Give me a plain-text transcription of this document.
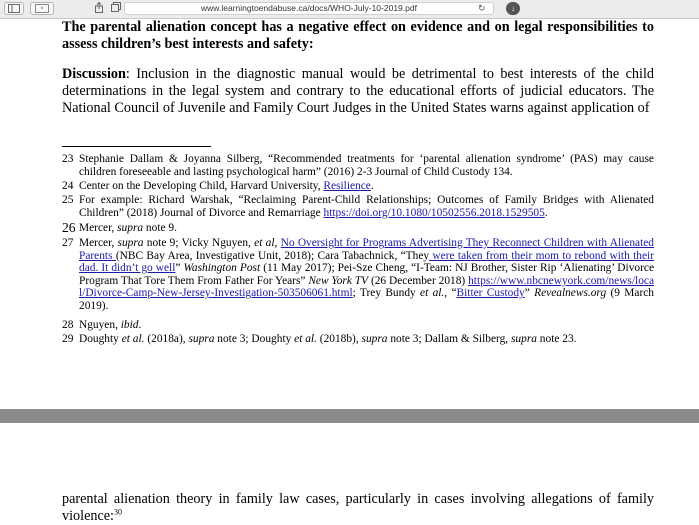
*	www.learningtoendabuse.ca/docs/WHO-July-10-2019.pdf	↻	↓
The parental alienation concept has a negative effect on evidence and on legal responsibilities to assess children’s best interests and safety:
Discussion: Inclusion in the diagnostic manual would be detrimental to best interests of the child determinations in the legal system and contrary to the educational efforts of judicial educators. The National Council of Juvenile and Family Court Judges in the United States warns against application of
23 Stephanie Dallam & Joyanna Silberg, “Recommended treatments for ‘parental alienation syndrome’ (PAS) may cause children foreseeable and lasting psychological harm” (2016) 2-3 Journal of Child Custody 134.
24 Center on the Developing Child, Harvard University, Resilience.
25 For example: Richard Warshak, “Reclaiming Parent-Child Relationships; Outcomes of Family Bridges with Alienated Children” (2018) Journal of Divorce and Remarriage https://doi.org/10.1080/10502556.2018.1529505.
26 Mercer, supra note 9.
27 Mercer, supra note 9; Vicky Nguyen, et al, No Oversight for Programs Advertising They Reconnect Children with Alienated Parents (NBC Bay Area, Investigative Unit, 2018); Cara Tabachnick, “They were taken from their mom to rebond with their dad. It didn’t go well” Washington Post (11 May 2017); Pei-Sze Cheng, “I-Team: NJ Brother, Sister Rip ‘Alienating’ Divorce Program That Tore Them From Father For Years” New York TV (26 December 2018) https://www.nbcnewyork.com/news/local/Divorce-Camp-New-Jersey-Investigation-503506061.html; Trey Bundy et al., “Bitter Custody” Revealnews.org (9 March 2019).
28 Nguyen, ibid.
29 Doughty et al. (2018a), supra note 3; Doughty et al. (2018b), supra note 3; Dallam & Silberg, supra note 23.
parental alienation theory in family law cases, particularly in cases involving allegations of family violence:$^{30}$
